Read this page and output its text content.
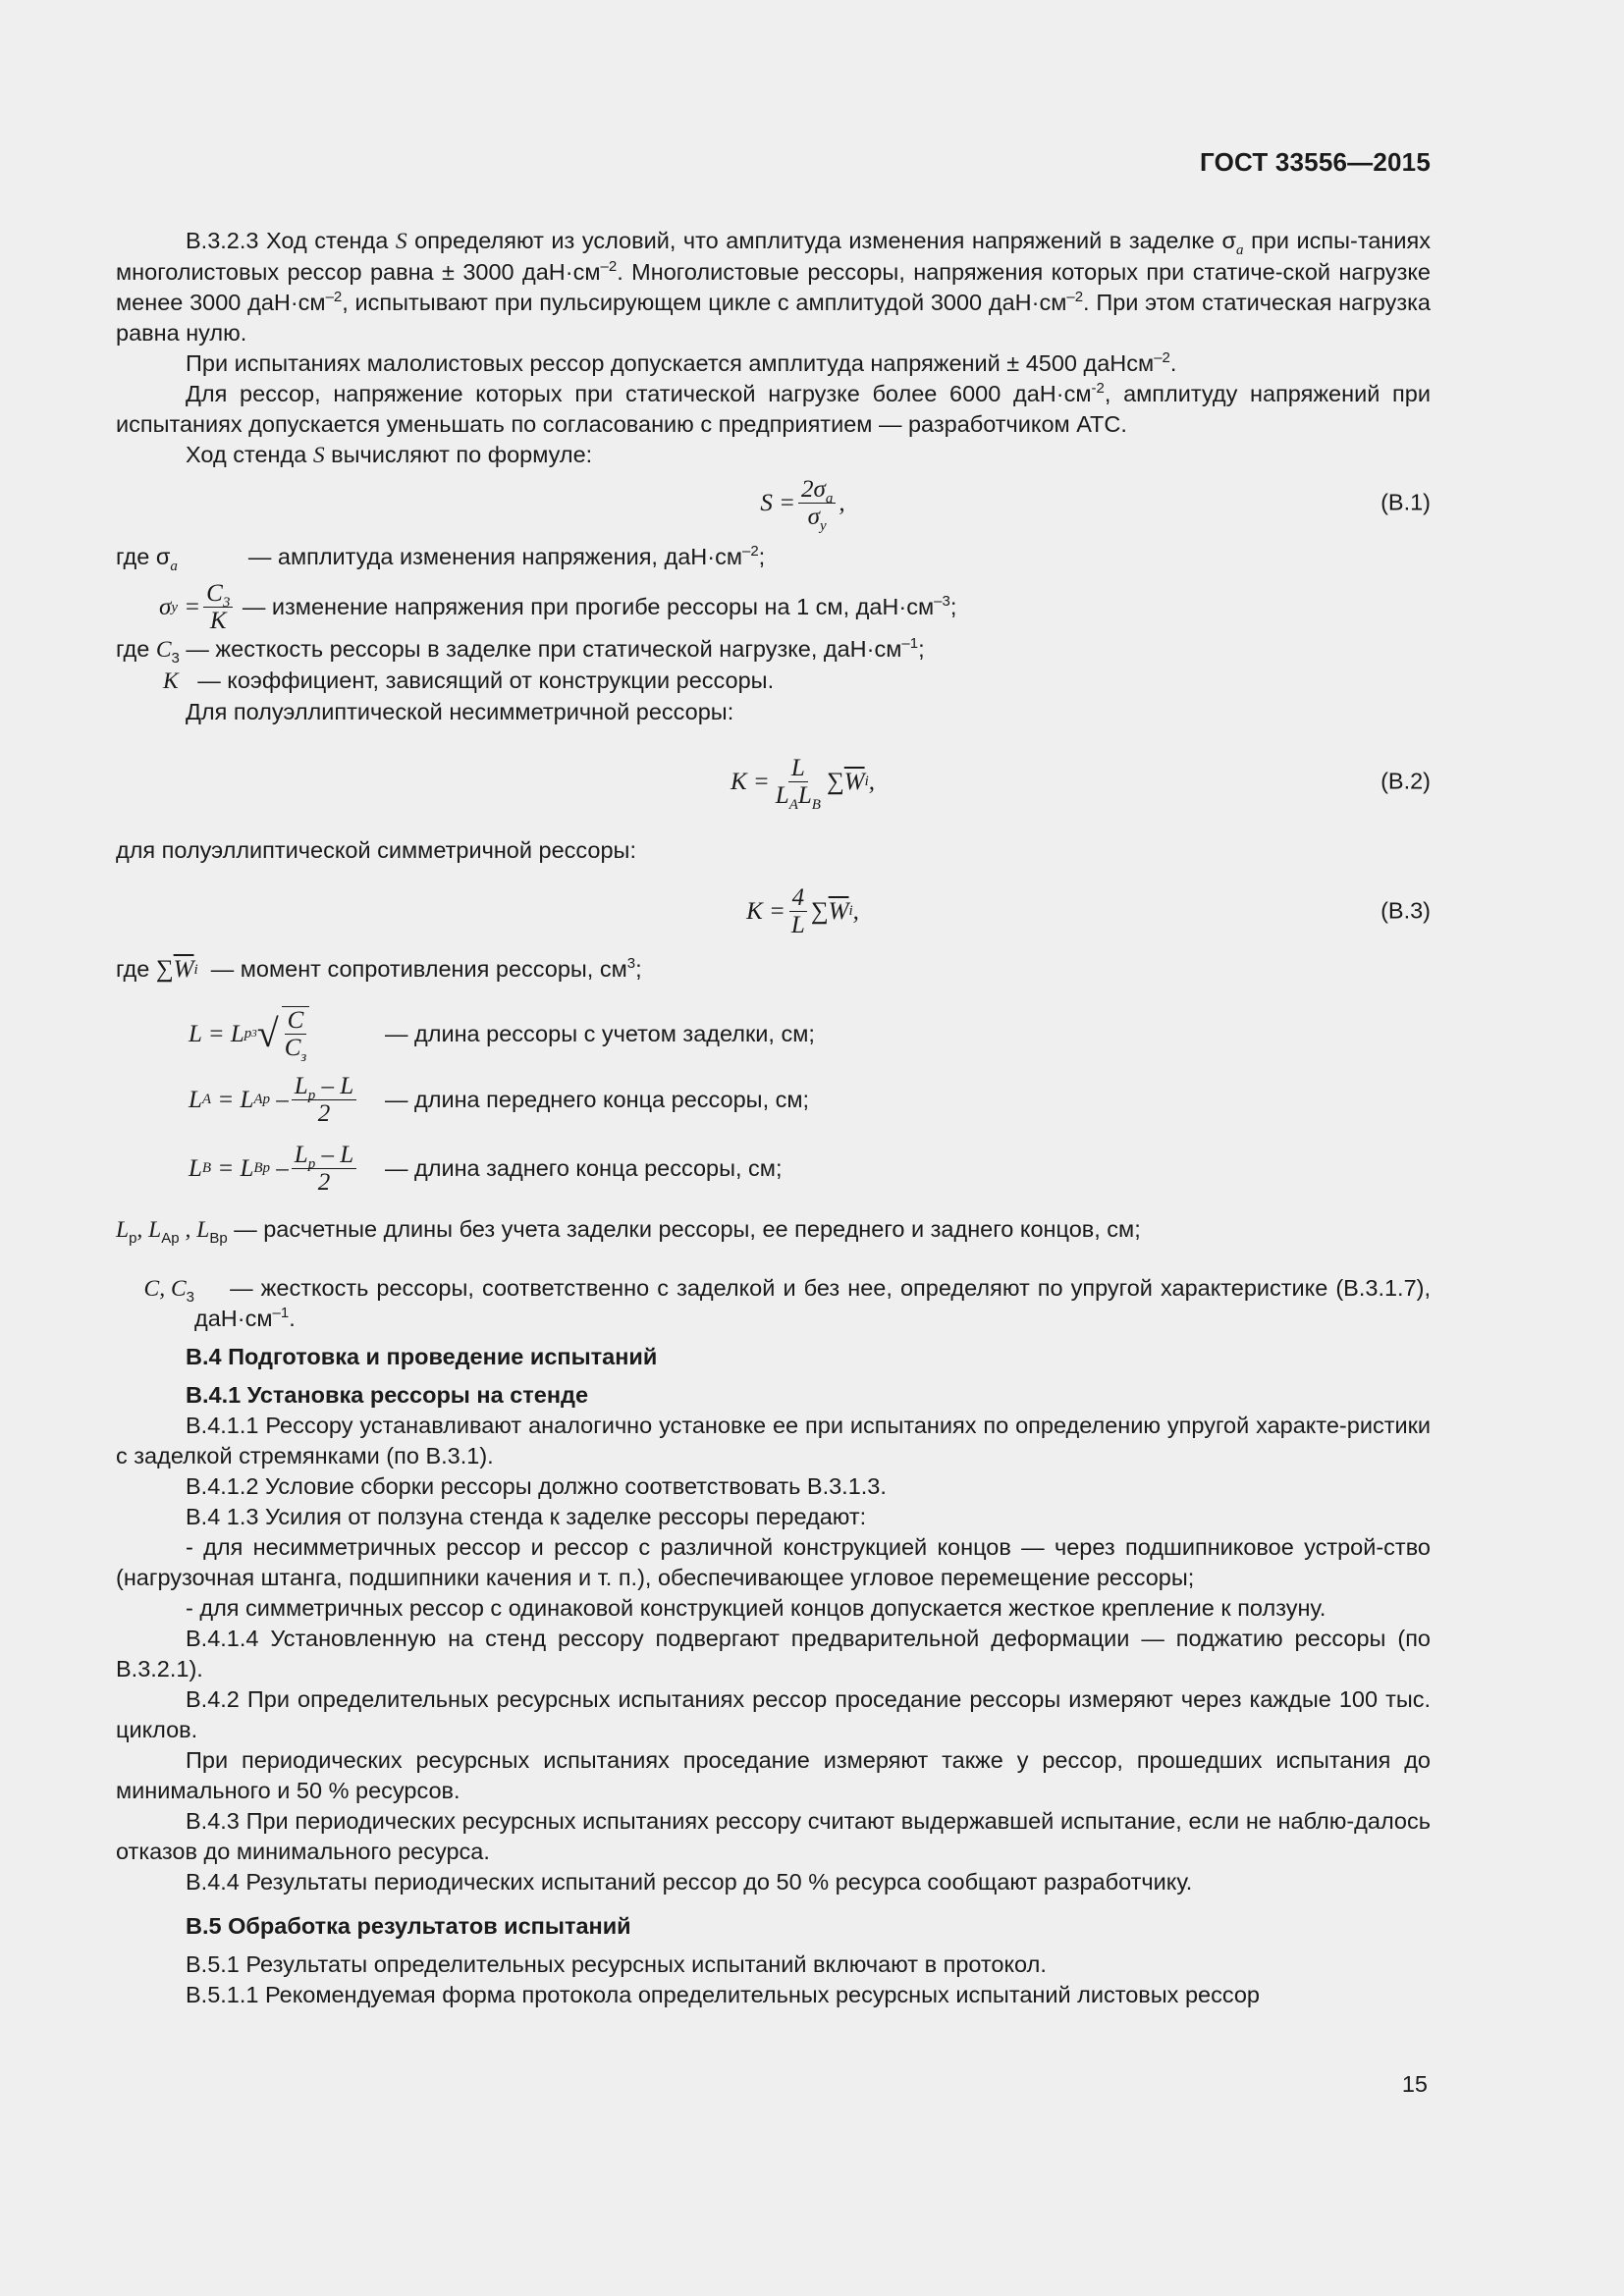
ГОСТ 33556—2015

В.3.2.3 Ход стенда S определяют из условий, что амплитуда изменения напряжений в заделке $\sigma_a$ при испы-таниях многолистовых рессор равна ± 3000 $даН\cdot см^{-2}$. Многолистовые рессоры, напряжения которых при статиче-ской нагрузке менее 3000 $даН\cdot см^{-2}$, испытывают при пульсирующем цикле с амплитудой 3000 $даН\cdot см^{-2}$. При этом статическая нагрузка равна нулю.

При испытаниях малолистовых рессор допускается амплитуда напряжений ± 4500 даНсм$^{-2}$.

Для рессор, напряжение которых при статической нагрузке более 6000 $даН\cdot см^{-2}$, амплитуду напряжений при испытаниях допускается уменьшать по согласованию с предприятием — разработчиком АТС.

Ход стенда S вычисляют по формуле:

$S = \frac{2\sigma_a}{\sigma_y}$ ,	(В.1)
где $\sigma_a$	— амплитуда изменения напряжения, $даН\cdot см^{-2}$;
σ y
= $\frac{C_3}{K}$ — изменение напряжения при прогибе рессоры на 1 см, $даН\cdot см^{-3}$;
где $C_3$ — жесткость рессоры в заделке при статической нагрузке, $даН\cdot см^{-1}$;
K — коэффициент, зависящий от конструкции рессоры.

Для полуэллиптической несимметричной рессоры:

$K = \frac{L}{L_AL_B}$ ∑ $\overline{W}$ i ,	(В.2)

для полуэллиптической симметричной рессоры:

$K = \frac{4}{L}$ ∑ $\overline{W}$ i ,	(В.3)
где ∑ $\overline{W}$ i — момент сопротивления рессоры, $см^3$;
L = L р 3 √ $\frac{C}{C_з}$	— длина рессоры с учетом заделки, см;
L A
= L Aр
– $\frac{L_р - L}{2}$ — длина переднего конца рессоры, см;
L B
= L Bр
– $\frac{L_р - L}{2}$ — длина заднего конца рессоры, см;
$L_р$, $L_{Aр}$ , $L_{Bр}$ — расчетные длины без учета заделки рессоры, ее переднего и заднего концов, см;
C, $C_3$	— жесткость рессоры, соответственно с заделкой и без нее, определяют по упругой характеристике (В.3.1.7), $даН\cdot см^{-1}$.

В.4 Подготовка и проведение испытаний

В.4.1 Установка рессоры на стенде

В.4.1.1 Рессору устанавливают аналогично установке ее при испытаниях по определению упругой характе-ристики с заделкой стремянками (по В.3.1).

В.4.1.2 Условие сборки рессоры должно соответствовать В.3.1.3.

В.4 1.3 Усилия от ползуна стенда к заделке рессоры передают:

- для несимметричных рессор и рессор с различной конструкцией концов — через подшипниковое устрой-ство (нагрузочная штанга, подшипники качения и т. п.), обеспечивающее угловое перемещение рессоры;

- для симметричных рессор с одинаковой конструкцией концов допускается жесткое крепление к ползуну.

В.4.1.4 Установленную на стенд рессору подвергают предварительной деформации — поджатию рессоры (по В.3.2.1).

В.4.2 При определительных ресурсных испытаниях рессор проседание рессоры измеряют через каждые 100 тыс. циклов.

При периодических ресурсных испытаниях проседание измеряют также у рессор, прошедших испытания до минимального и 50 % ресурсов.

В.4.3 При периодических ресурсных испытаниях рессору считают выдержавшей испытание, если не наблю-далось отказов до минимального ресурса.

В.4.4 Результаты периодических испытаний рессор до 50 % ресурса сообщают разработчику.

В.5 Обработка результатов испытаний

В.5.1 Результаты определительных ресурсных испытаний включают в протокол.

В.5.1.1 Рекомендуемая форма протокола определительных ресурсных испытаний листовых рессор

15
